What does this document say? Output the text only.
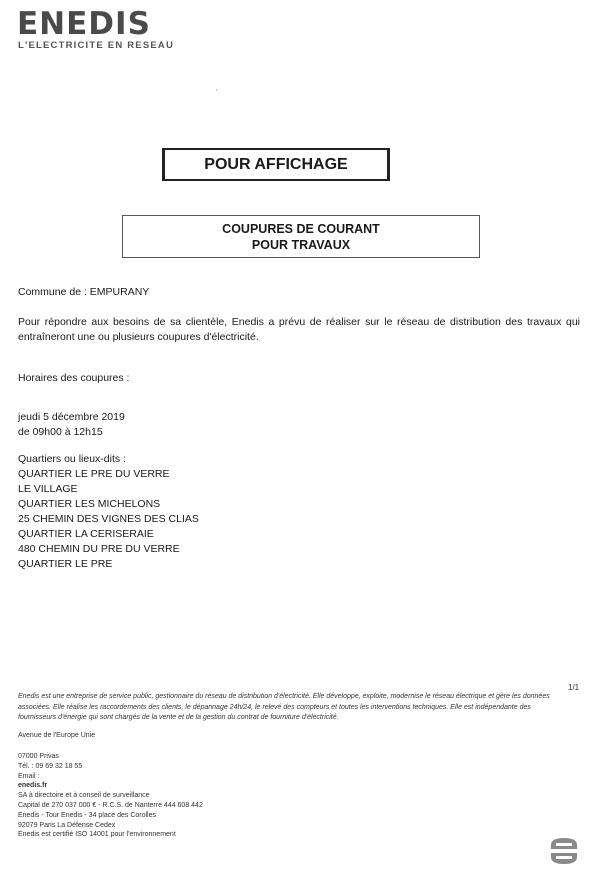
ENEDIS
L'ELECTRICITE EN RESEAU
'
POUR AFFICHAGE
COUPURES DE COURANT
POUR TRAVAUX
Commune de : EMPURANY
Pour répondre aux besoins de sa clientèle, Enedis a prévu de réaliser sur le réseau de distribution des travaux qui entraîneront une ou plusieurs coupures d'électricité.
Horaires des coupures :
jeudi 5 décembre 2019
de 09h00 à 12h15
Quartiers ou lieux-dits :
QUARTIER LE PRE DU VERRE
LE VILLAGE
QUARTIER LES MICHELONS
25 CHEMIN DES VIGNES DES CLIAS
QUARTIER LA CERISERAIE
480 CHEMIN DU PRE DU VERRE
QUARTIER LE PRE
1/1
Enedis est une entreprise de service public, gestionnaire du réseau de distribution d'électricité. Elle développe, exploite, modernise le réseau électrique et gère les données associées. Elle réalise les raccordements des clients, le dépannage 24h/24, le relevé des compteurs et toutes les interventions techniques. Elle est indépendante des fournisseurs d'énergie qui sont chargés de la vente et de la gestion du contrat de fourniture d'électricité.
Avenue de l'Europe Unie
07000 Privas
Tél. : 09 69 32 18 55
Email :
enedis.fr
SA à directoire et à conseil de surveillance
Capital de 270 037 000 € - R.C.S. de Nanterre 444 608 442
Enedis - Tour Enedis - 34 place des Corolles
92079 Paris La Défense Cedex
Enedis est certifié ISO 14001 pour l'environnement
